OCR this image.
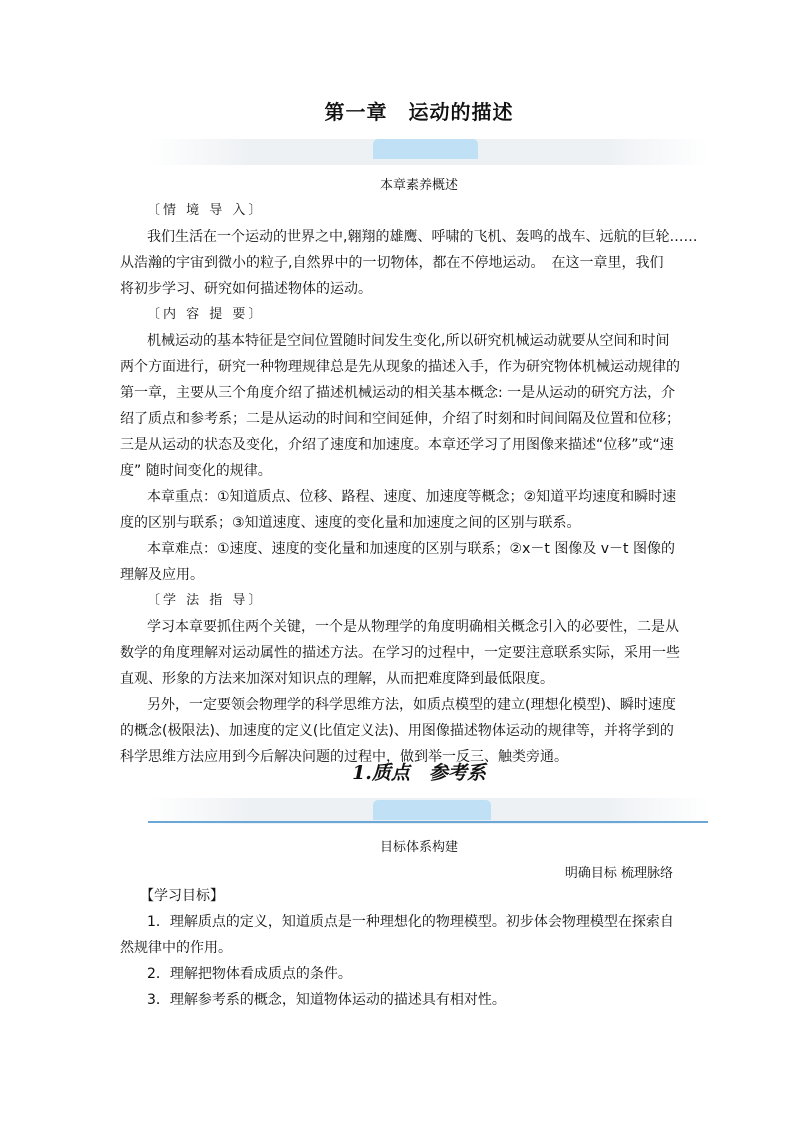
第一章　运动的描述
本章素养概述
〔情 境 导 入〕
我们生活在一个运动的世界之中,翱翔的雄鹰、呼啸的飞机、轰鸣的战车、远航的巨轮……
从浩瀚的宇宙到微小的粒子,自然界中的一切物体，都在不停地运动。　在这一章里，我们
将初步学习、研究如何描述物体的运动。
〔内 容 提 要〕
机械运动的基本特征是空间位置随时间发生变化,所以研究机械运动就要从空间和时间
两个方面进行，研究一种物理规律总是先从现象的描述入手，作为研究物体机械运动规律的
第一章，主要从三个角度介绍了描述机械运动的相关基本概念: 一是从运动的研究方法，介
绍了质点和参考系；二是从运动的时间和空间延伸，介绍了时刻和时间间隔及位置和位移；
三是从运动的状态及变化，介绍了速度和加速度。本章还学习了用图像来描述“位移”或“速
度” 随时间变化的规律。
本章重点：①知道质点、位移、路程、速度、加速度等概念；②知道平均速度和瞬时速
度的区别与联系；③知道速度、速度的变化量和加速度之间的区别与联系。
本章难点：①速度、速度的变化量和加速度的区别与联系；②x－t 图像及 v－t 图像的
理解及应用。
〔学 法 指 导〕
学习本章要抓住两个关键，一个是从物理学的角度明确相关概念引入的必要性，二是从
数学的角度理解对运动属性的描述方法。在学习的过程中，一定要注意联系实际，采用一些
直观、形象的方法来加深对知识点的理解，从而把难度降到最低限度。
另外，一定要领会物理学的科学思维方法，如质点模型的建立(理想化模型)、瞬时速度
的概念(极限法)、加速度的定义(比值定义法)、用图像描述物体运动的规律等，并将学到的
科学思维方法应用到今后解决问题的过程中，做到举一反三、触类旁通。
1.质点　参考系
目标体系构建
明确目标 梳理脉络
【学习目标】
1．理解质点的定义，知道质点是一种理想化的物理模型。初步体会物理模型在探索自
然规律中的作用。
2．理解把物体看成质点的条件。
3．理解参考系的概念，知道物体运动的描述具有相对性。
